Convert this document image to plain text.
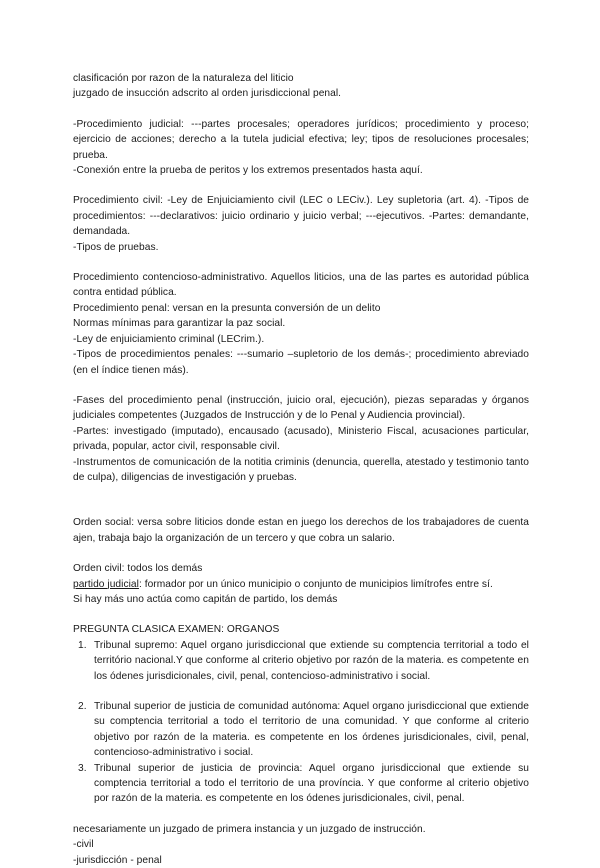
clasificación por razon de la naturaleza del liticio

juzgado de insucción adscrito al orden jurisdiccional penal.

-Procedimiento judicial: ---partes procesales; operadores jurídicos; procedimiento y proceso; ejercicio de acciones; derecho a la tutela judicial efectiva; ley; tipos de resoluciones procesales; prueba.

-Conexión entre la prueba de peritos y los extremos presentados hasta aquí.

Procedimiento civil: -Ley de Enjuiciamiento civil (LEC o LECiv.). Ley supletoria (art. 4). -Tipos de procedimientos: ---declarativos: juicio ordinario y juicio verbal; ---ejecutivos. -Partes: demandante, demandada.

-Tipos de pruebas.

Procedimiento contencioso-administrativo. Aquellos liticios, una de las partes es autoridad pública contra entidad pública.

Procedimiento penal: versan en la presunta conversión de un delito

Normas mínimas para garantizar la paz social.

-Ley de enjuiciamiento criminal (LECrim.).

-Tipos de procedimientos penales: ---sumario –supletorio de los demás-; procedimiento abreviado (en el índice tienen más).

-Fases del procedimiento penal (instrucción, juicio oral, ejecución), piezas separadas y órganos judiciales competentes (Juzgados de Instrucción y de lo Penal y Audiencia provincial).

-Partes: investigado (imputado), encausado (acusado), Ministerio Fiscal, acusaciones particular, privada, popular, actor civil, responsable civil.

-Instrumentos de comunicación de la notitia criminis (denuncia, querella, atestado y testimonio tanto de culpa), diligencias de investigación y pruebas.

Orden social: versa sobre liticios donde estan en juego los derechos de los trabajadores de cuenta ajen, trabaja bajo la organización de un tercero y que cobra un salario.

Orden civil: todos los demás

partido judicial: formador por un único municipio o conjunto de municipios limítrofes entre sí.

Si hay más uno actúa como capitán de partido, los demás

PREGUNTA CLASICA EXAMEN: ORGANOS

1. Tribunal supremo: Aquel organo jurisdiccional que extiende su comptencia territorial a todo el território nacional.Y que conforme al criterio objetivo por razón de la materia. es competente en los ódenes jurisdicionales, civil, penal, contencioso-administrativo i social.
2. Tribunal superior de justicia de comunidad autónoma: Aquel organo jurisdiccional que extiende su comptencia territorial a todo el territorio de una comunidad. Y que conforme al criterio objetivo por razón de la materia. es competente en los órdenes jurisdicionales, civil, penal, contencioso-administrativo i social.
3. Tribunal superior de justicia de provincia: Aquel organo jurisdiccional que extiende su comptencia territorial a todo el territorio de una província. Y que conforme al criterio objetivo por razón de la materia. es competente en los ódenes jurisdicionales, civil, penal.

necesariamente un juzgado de primera instancia y un juzgado de instrucción.

-civil

-jurisdicción - penal
